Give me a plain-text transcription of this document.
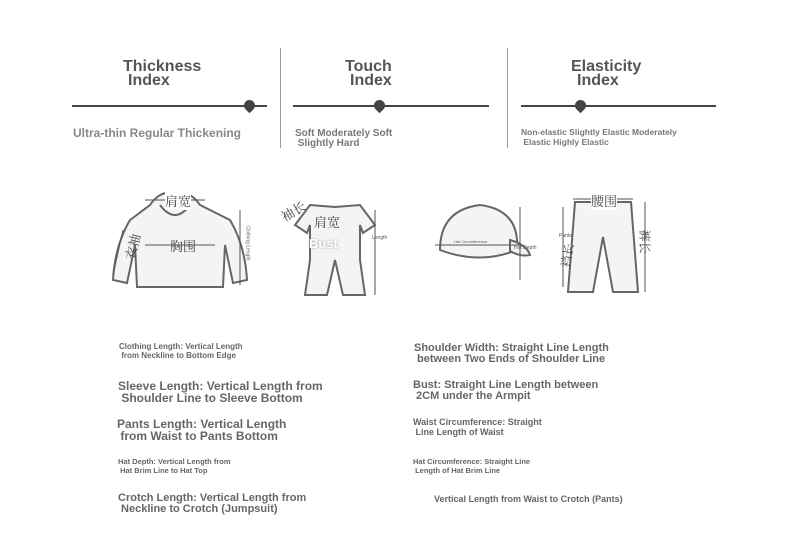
Thickness
Index
Ultra-thin Regular Thickening
Touch
Index
Soft Moderately Soft
Slightly Hard
Elasticity
Index
Non-elastic Slightly Elastic Moderately
Elastic Highly Elastic
肩宽
胸围
衣袖	Clothing Length
袖长 肩宽
Bust	Length
Hat Circumference
Hat Depth
腰围
Pants
裆长
裤长
Clothing Length: Vertical Length
from Neckline to Bottom Edge
Shoulder Width: Straight Line Length
between Two Ends of Shoulder Line
Sleeve Length: Vertical Length from
Shoulder Line to Sleeve Bottom
Bust: Straight Line Length between
2CM under the Armpit
Pants Length: Vertical Length
from Waist to Pants Bottom
Waist Circumference: Straight
Line Length of Waist
Hat Depth: Vertical Length from
Hat Brim Line to Hat Top
Hat Circumference: Straight Line
Length of Hat Brim Line
Crotch Length: Vertical Length from
Neckline to Crotch (Jumpsuit)
Vertical Length from Waist to Crotch (Pants)
